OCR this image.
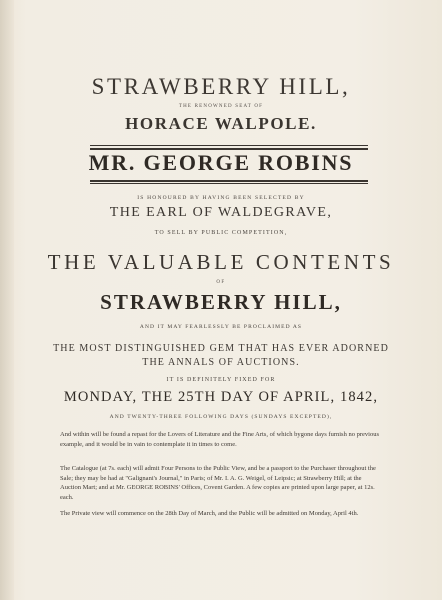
STRAWBERRY HILL,
THE RENOWNED SEAT OF
HORACE WALPOLE.
MR. GEORGE ROBINS
IS HONOURED BY HAVING BEEN SELECTED BY
THE EARL OF WALDEGRAVE,
TO SELL BY PUBLIC COMPETITION,
THE VALUABLE CONTENTS
OF
STRAWBERRY HILL,
AND IT MAY FEARLESSLY BE PROCLAIMED AS
THE MOST DISTINGUISHED GEM THAT HAS EVER ADORNED
THE ANNALS OF AUCTIONS.
IT IS DEFINITELY FIXED FOR
MONDAY, THE 25TH DAY OF APRIL, 1842,
AND TWENTY-THREE FOLLOWING DAYS (SUNDAYS EXCEPTED),
And within will be found a repast for the Lovers of Literature and the Fine Arts, of which bygone days furnish no previous example, and it would be in vain to contemplate it in times to come.
The Catalogue (at 7s. each) will admit Four Persons to the Public View, and be a passport to the Purchaser throughout the Sale; they may be had at "Galignani's Journal," in Paris; of Mr. I. A. G. Weigel, of Leipsic; at Strawberry Hill; at the Auction Mart; and at Mr. GEORGE ROBINS' Offices, Covent Garden. A few copies are printed upon large paper, at 12s. each.
The Private view will commence on the 28th Day of March, and the Public will be admitted on Monday, April 4th.
